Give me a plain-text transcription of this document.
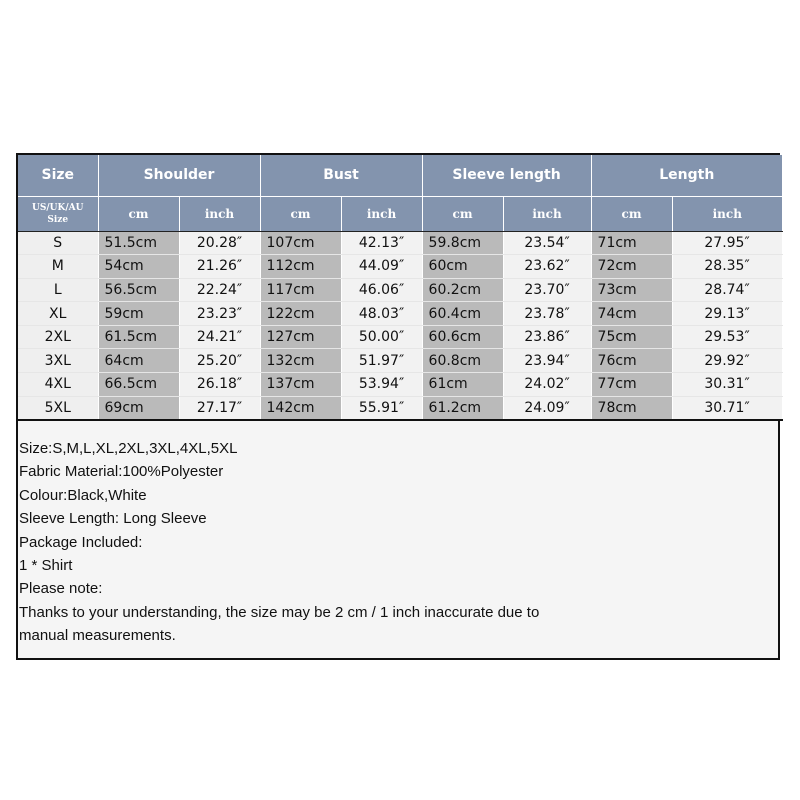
Size	Shoulder		Bust		Sleeve length		Length	
US/UK/AU
Size	cm	inch	cm	inch	cm	inch	cm	inch
S	51.5cm	20.28″	107cm	42.13″	59.8cm	23.54″	71cm	27.95″
M	54cm	21.26″	112cm	44.09″	60cm	23.62″	72cm	28.35″
L	56.5cm	22.24″	117cm	46.06″	60.2cm	23.70″	73cm	28.74″
XL	59cm	23.23″	122cm	48.03″	60.4cm	23.78″	74cm	29.13″
2XL	61.5cm	24.21″	127cm	50.00″	60.6cm	23.86″	75cm	29.53″
3XL	64cm	25.20″	132cm	51.97″	60.8cm	23.94″	76cm	29.92″
4XL	66.5cm	26.18″	137cm	53.94″	61cm	24.02″	77cm	30.31″
5XL	69cm	27.17″	142cm	55.91″	61.2cm	24.09″	78cm	30.71″

Size:S,M,L,XL,2XL,3XL,4XL,5XL

Fabric Material:100%Polyester

Colour:Black,White

Sleeve Length: Long Sleeve

Package Included:

1 * Shirt

Please note:

Thanks to your understanding, the size may be 2 cm / 1 inch inaccurate due to manual measurements.
